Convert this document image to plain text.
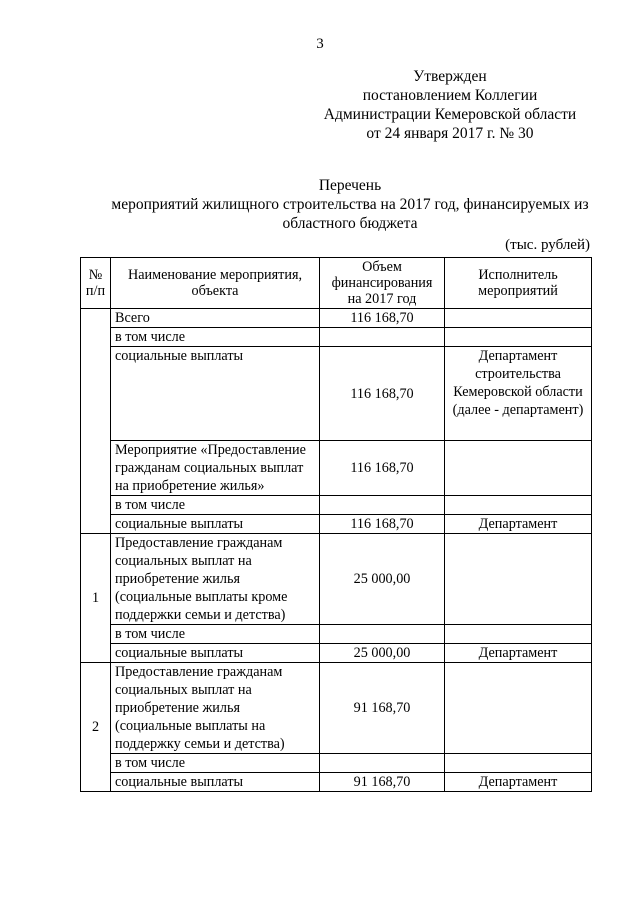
3
Утвержден
постановлением Коллегии
Администрации Кемеровской области
от 24 января 2017 г. № 30
Перечень
мероприятий жилищного строительства на 2017 год, финансируемых из
областного бюджета
(тыс. рублей)
№ п/п	Наименование мероприятия, объекта	Объем финансирования на 2017 год	Исполнитель мероприятий
	Всего	116 168,70	
	в том числе		
	социальные выплаты	116 168,70	Департамент строительства Кемеровской области (далее - департамент)
	Мероприятие «Предоставление гражданам социальных выплат на приобретение жилья»	116 168,70	
	в том числе		
	социальные выплаты	116 168,70	Департамент
1	Предоставление гражданам социальных выплат на приобретение жилья (социальные выплаты кроме поддержки семьи и детства)	25 000,00	
	в том числе		
	социальные выплаты	25 000,00	Департамент
2	Предоставление гражданам социальных выплат на приобретение жилья (социальные выплаты на поддержку семьи и детства)	91 168,70	
	в том числе		
	социальные выплаты	91 168,70	Департамент
